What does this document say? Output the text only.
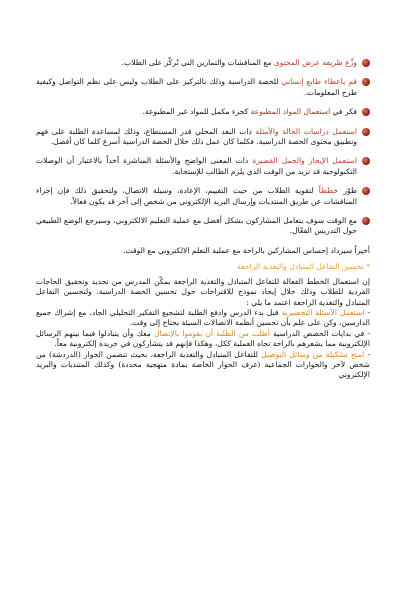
وزِّع طريقة عرض المحتوى مع المناقشات والتمارين التي تُركّز على الطلاب.
قم باعطاء طابع إنساني للحصة الدراسية وذلك بالتركيز على الطلاب وليس على نظم التواصل وكيفية طرح المعلومات.
فكر في استعمال المواد المطبوعة كجزء مكمل للمواد غير المطبوعة.
استعمل دراسات الحالة والأمثلة ذات البعد المحلي قدر المستطاع، وذلك لمساعدة الطلبة على فهم وتطبيق محتوى الحصة الدراسية. فكلما كان عمل ذلك خلال الحصة الدراسية أسرع كلما كان أفضل.
استعمل الإيجاز والجمل القصيرة ذات المعنى الواضح والأسئلة المباشرة آخذاً بالاعتبار أن الوصلات التكنولوجية قد تزيد من الوقت الذي يلزم الطالب للإستجابة.
طوّر خططاً لتقوية الطلاب من حيث التقييم، الإعادة، وسيلة الاتصال، ولتحقيق ذلك فإن إجراء المناقشات عن طريق المنتديات وإرسال البريد الإلكتروني من شخص إلى آخر قد يكون فعالاً.
مع الوقت سوف يتعامل المشاركون بشكل أفضل مع عملية التعليم الالكتروني، وسيرجع الوضع الطبيعي حول التدريس الفعّال.

أخيراً سيزداد إحساس المشاركين بالراحة مع عملية التعلم الالكتروني مع الوقت.

* تحسين التفاعل المتبادل والتغذية الراجعة

إن استعمال الخطط الفعالة للتفاعل المتبادل والتغذية الراجعة يمكّن المدرس من تحديد وتحقيق الحاجات الفردية للطلاب وذلك خلال إيجاد نموذج للاقتراحات حول تحسين الحصة الدراسية. ولتحسين التفاعل المتبادل والتغذية الراجعة اعتمد ما يلي :

- استعمل الأسئلة التحضيرية قبل بدء الدرس وادفع الطلبة لتشجيع التفكير التحليلي الجاد، مع إشراك جميع الدارسين، وكن على علم بأن تحسين أنظمة الاتصالات السيئة يحتاج إلى وقت.

- في بدايات الحصص الدراسية أطلب من الطلبة أن يقوموا بالإتصال معك وأن يتبادلوا فيما بينهم الرسائل الإلكترونية مما يشعرهم بالراحة تجاه العملية ككل، وهكذا فإنهم قد يتشاركون في جريدة إلكترونية معاً.

- امنح تشكيلة من وسائل التوصيل للتفاعل المتبادل والتغذية الراجعة، بحيث تتضمن الحوار (الدردشة) من شخص لآخر والحوارات الجماعية (غرف الحوار الخاصة بمادة منهجية محددة) وكذلك المنتديات والبريد الإلكتروني
